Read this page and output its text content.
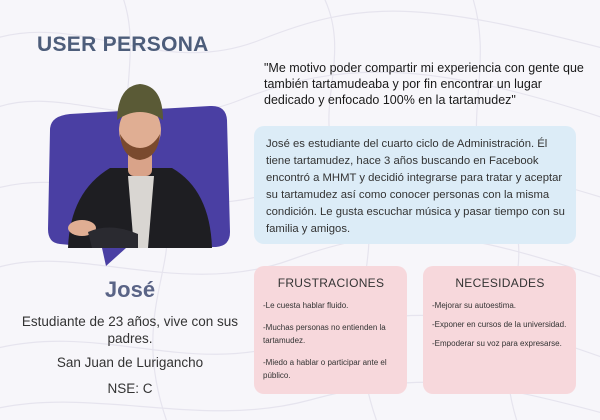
USER PERSONA
"Me motivo poder compartir mi experiencia con gente que también tartamudeaba y por fin encontrar un lugar dedicado y enfocado 100% en la tartamudez"
José es estudiante del cuarto ciclo de Administración. Él tiene tartamudez, hace 3 años buscando en Facebook encontró a MHMT y decidió integrarse para tratar y aceptar su tartamudez así como conocer personas con la misma condición. Le gusta escuchar música y pasar tiempo con su familia y amigos.
José
Estudiante de 23 años, vive con sus padres.
San Juan de Lurigancho
NSE: C
FRUSTRACIONES
-Le cuesta hablar fluido.
-Muchas personas no entienden la tartamudez.
-Miedo a hablar o participar ante el público.
NECESIDADES
-Mejorar su autoestima.
-Exponer en cursos de la universidad.
-Empoderar su voz para expresarse.
